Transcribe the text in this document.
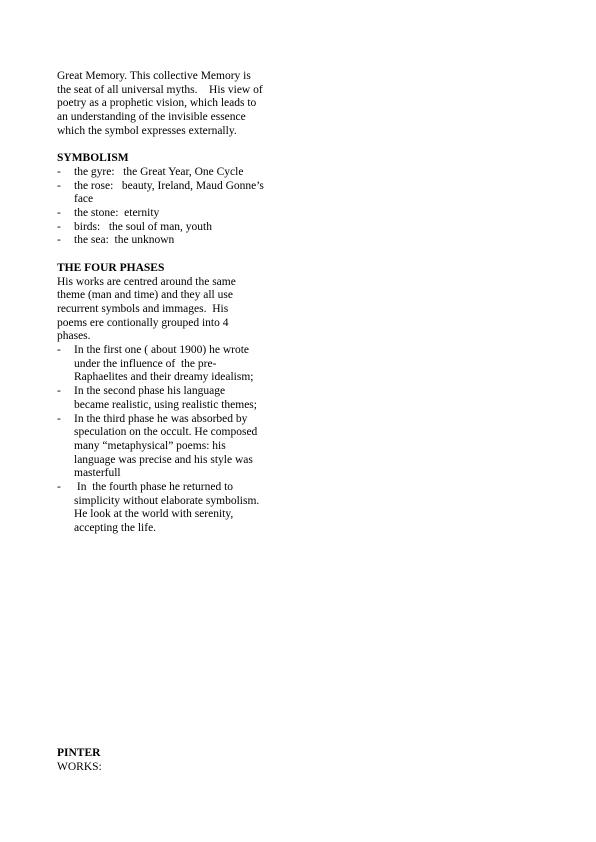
Great Memory. This collective Memory is
the seat of all universal myths.    His view of
poetry as a prophetic vision, which leads to
an understanding of the invisible essence
which the symbol expresses externally.
SYMBOLISM
- the gyre:   the Great Year, One Cycle
- the rose:   beauty, Ireland, Maud Gonne’s
face
- the stone:  eternity
- birds:   the soul of man, youth
- the sea:  the unknown
THE FOUR PHASES
His works are centred around the same
theme (man and time) and they all use
recurrent symbols and immages.  His
poems ere contionally grouped into 4
phases.
- In the first one ( about 1900) he wrote
under the influence of  the pre-
Raphaelites and their dreamy idealism;
- In the second phase his language
became realistic, using realistic themes;
- In the third phase he was absorbed by
speculation on the occult. He composed
many “metaphysical” poems: his
language was precise and his style was
masterfull
- In  the fourth phase he returned to
simplicity without elaborate symbolism.
He look at the world with serenity,
accepting the life.
PINTER
WORKS:
